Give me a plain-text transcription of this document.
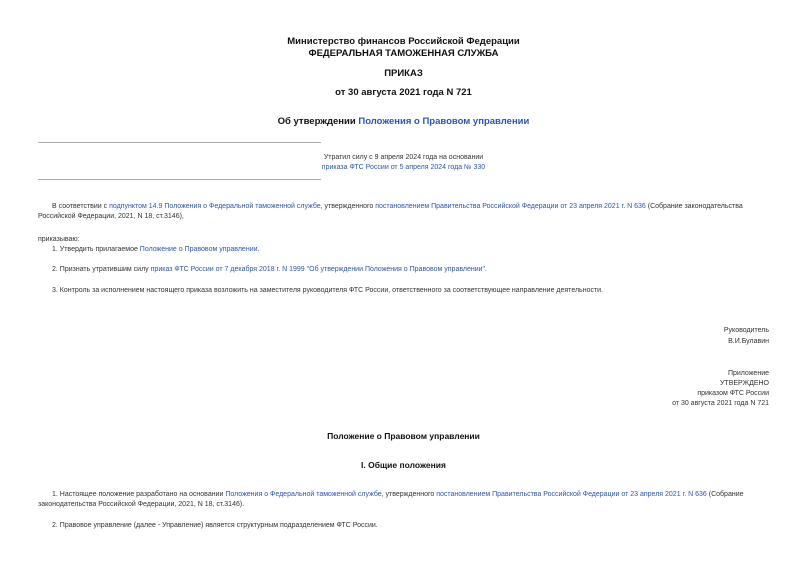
Министерство финансов Российской Федерации
ФЕДЕРАЛЬНАЯ ТАМОЖЕННАЯ СЛУЖБА
ПРИКАЗ
от 30 августа 2021 года N 721
Об утверждении Положения о Правовом управлении
Утратил силу с 9 апреля 2024 года на основании
приказа ФТС России от 5 апреля 2024 года № 330
В соответствии с подпунктом 14.9 Положения о Федеральной таможенной службе, утвержденного постановлением Правительства Российской Федерации от 23 апреля 2021 г. N 636 (Собрание законодательства Российской Федерации, 2021, N 18, ст.3146),
приказываю:
1. Утвердить прилагаемое Положение о Правовом управлении.
2. Признать утратившим силу приказ ФТС России от 7 декабря 2018 г. N 1999 "Об утверждении Положения о Правовом управлении".
3. Контроль за исполнением настоящего приказа возложить на заместителя руководителя ФТС России, ответственного за соответствующее направление деятельности.
Руководитель
В.И.Булавин
Приложение
УТВЕРЖДЕНО
приказом ФТС России
от 30 августа 2021 года N 721
Положение о Правовом управлении
I. Общие положения
1. Настоящее положение разработано на основании Положения о Федеральной таможенной службе, утвержденного постановлением Правительства Российской Федерации от 23 апреля 2021 г. N 636 (Собрание законодательства Российской Федерации, 2021, N 18, ст.3146).
2. Правовое управление (далее - Управление) является структурным подразделением ФТС России.
